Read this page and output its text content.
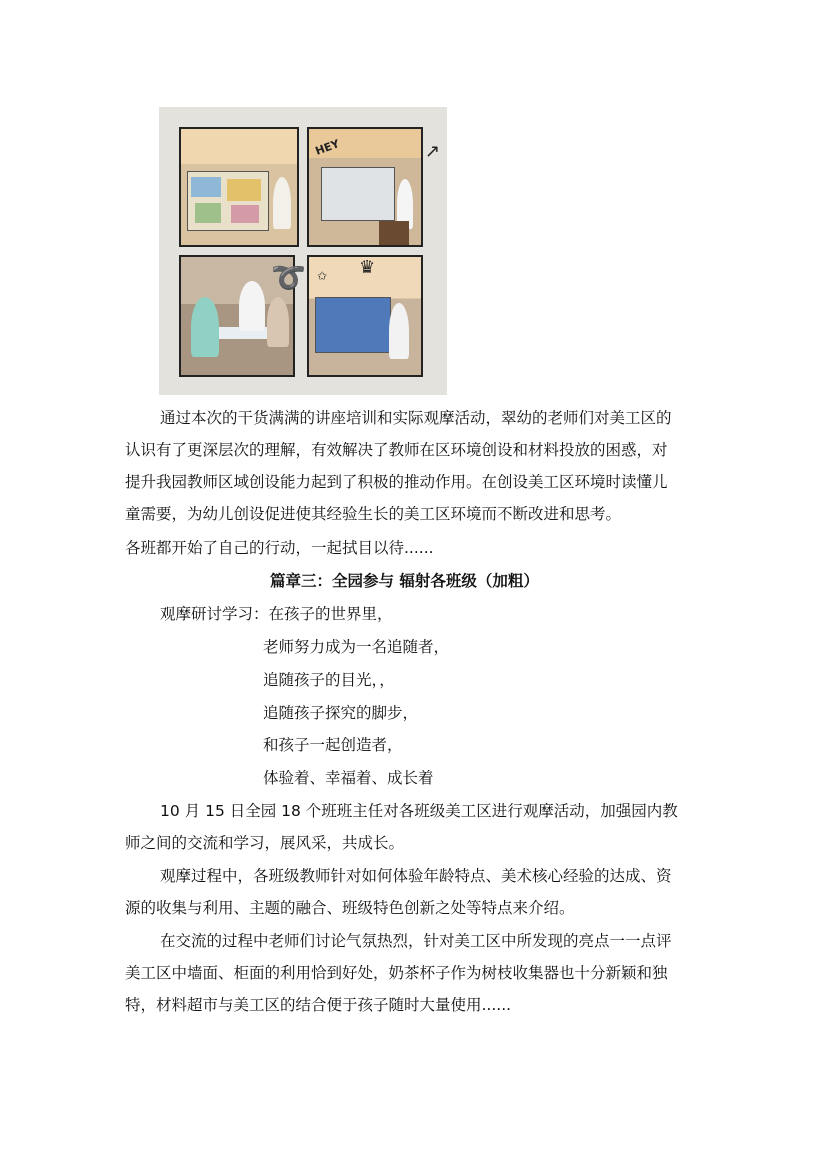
HEY
♛
✩
↗
➰
通过本次的干货满满的讲座培训和实际观摩活动，翠幼的老师们对美工区的
认识有了更深层次的理解，有效解决了教师在区环境创设和材料投放的困惑，对
提升我园教师区域创设能力起到了积极的推动作用。在创设美工区环境时读懂儿
童需要，为幼儿创设促进使其经验生长的美工区环境而不断改进和思考。
各班都开始了自己的行动，一起拭目以待......
篇章三：全园参与 辐射各班级（加粗）
观摩研讨学习：在孩子的世界里，
老师努力成为一名追随者，
追随孩子的目光，，
追随孩子探究的脚步，
和孩子一起创造者，
体验着、幸福着、成长着
10 月 15 日全园 18 个班班主任对各班级美工区进行观摩活动，加强园内教
师之间的交流和学习，展风采，共成长。
观摩过程中，各班级教师针对如何体验年龄特点、美术核心经验的达成、资
源的收集与利用、主题的融合、班级特色创新之处等特点来介绍。
在交流的过程中老师们讨论气氛热烈，针对美工区中所发现的亮点一一点评
美工区中墙面、柜面的利用恰到好处，奶茶杯子作为树枝收集器也十分新颖和独
特，材料超市与美工区的结合便于孩子随时大量使用......
